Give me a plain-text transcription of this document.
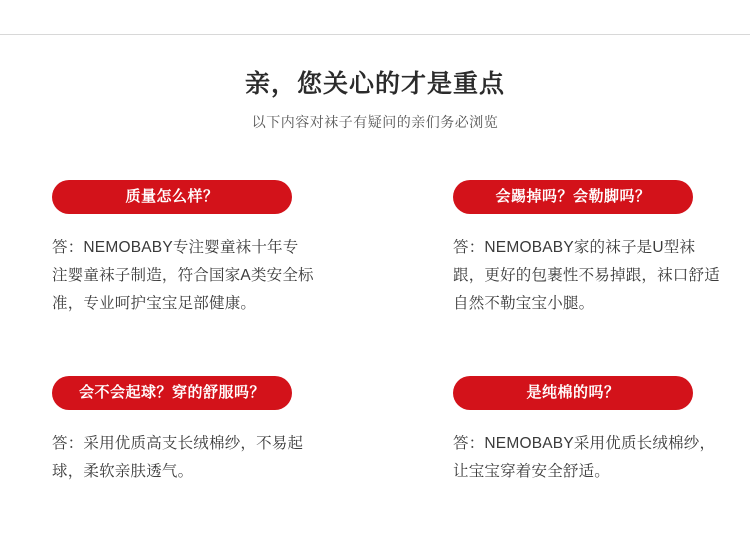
亲，您关心的才是重点
以下内容对袜子有疑问的亲们务必浏览
质量怎么样？
答：NEMOBABY专注婴童袜十年专注婴童袜子制造，符合国家A类安全标准，专业呵护宝宝足部健康。
会踢掉吗？会勒脚吗？
答：NEMOBABY家的袜子是U型袜跟，更好的包裹性不易掉跟，袜口舒适自然不勒宝宝小腿。
会不会起球？穿的舒服吗？
答：采用优质高支长绒棉纱，不易起球，柔软亲肤透气。
是纯棉的吗？
答：NEMOBABY采用优质长绒棉纱，让宝宝穿着安全舒适。
